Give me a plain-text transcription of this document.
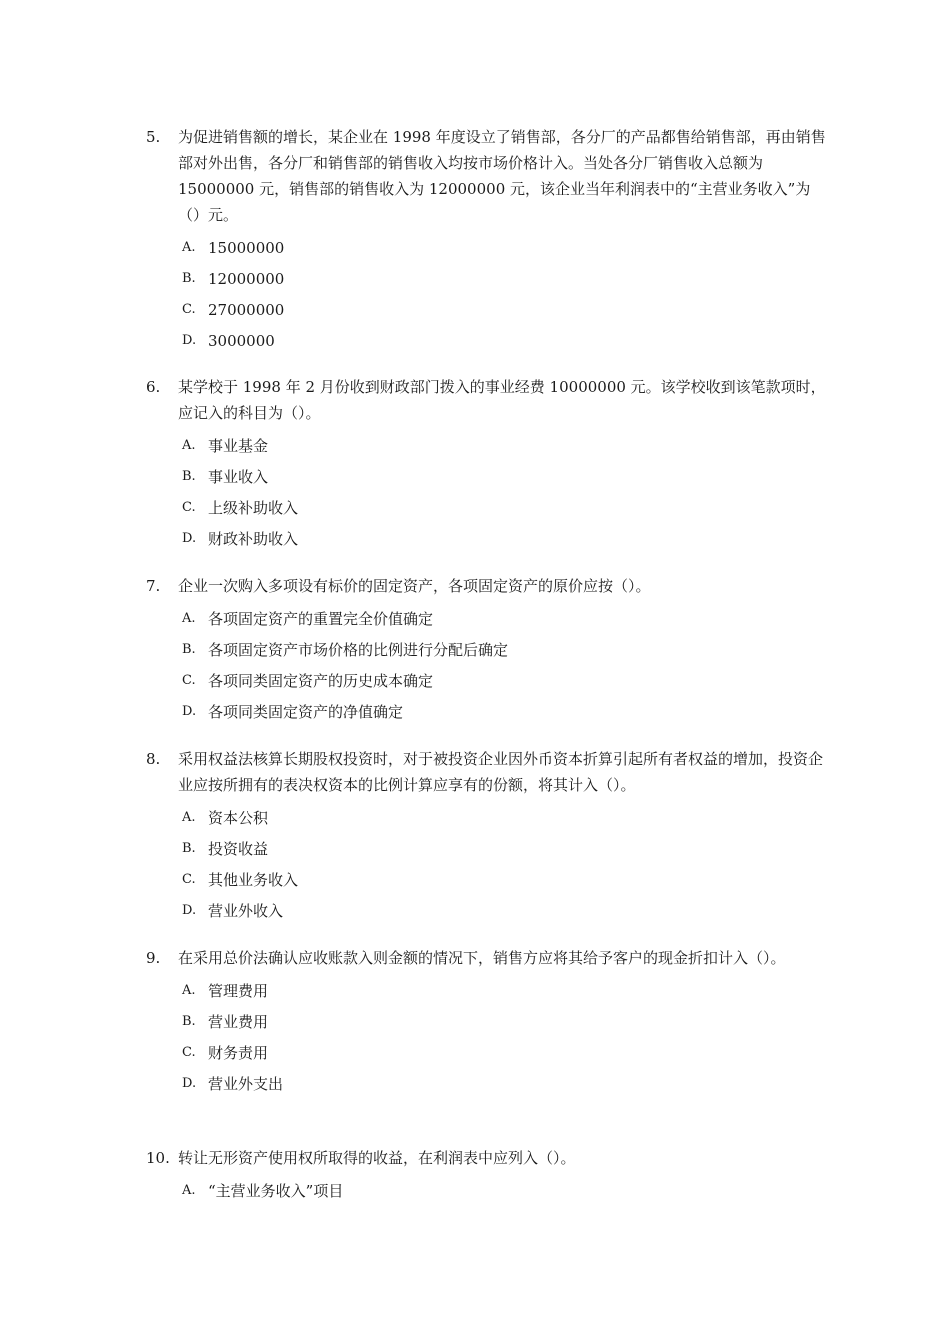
5.	为促进销售额的增长，某企业在 1998 年度设立了销售部，各分厂的产品都售给销售部，再由销售部对外出售，各分厂和销售部的销售收入均按市场价格计入。当处各分厂销售收入总额为 15000000 元，销售部的销售收入为 12000000 元，该企业当年利润表中的“主营业务收入”为（）元。
A. 15000000
B. 12000000
C. 27000000
D. 3000000
6.	某学校于 1998 年 2 月份收到财政部门拨入的事业经费 10000000 元。该学校收到该笔款项时，应记入的科目为（）。
A. 事业基金
B. 事业收入
C. 上级补助收入
D. 财政补助收入
7.	企业一次购入多项设有标价的固定资产，各项固定资产的原价应按（）。
A. 各项固定资产的重置完全价值确定
B. 各项固定资产市场价格的比例进行分配后确定
C. 各项同类固定资产的历史成本确定
D. 各项同类固定资产的净值确定
8.	采用权益法核算长期股权投资时，对于被投资企业因外币资本折算引起所有者权益的增加，投资企业应按所拥有的表决权资本的比例计算应享有的份额，将其计入（）。
A. 资本公积
B. 投资收益
C. 其他业务收入
D. 营业外收入
9.	在采用总价法确认应收账款入则金额的情况下，销售方应将其给予客户的现金折扣计入（）。
A. 管理费用
B. 营业费用
C. 财务责用
D. 营业外支出
10. 转让无形资产使用权所取得的收益，在利润表中应列入（）。
A. “主营业务收入”项目
